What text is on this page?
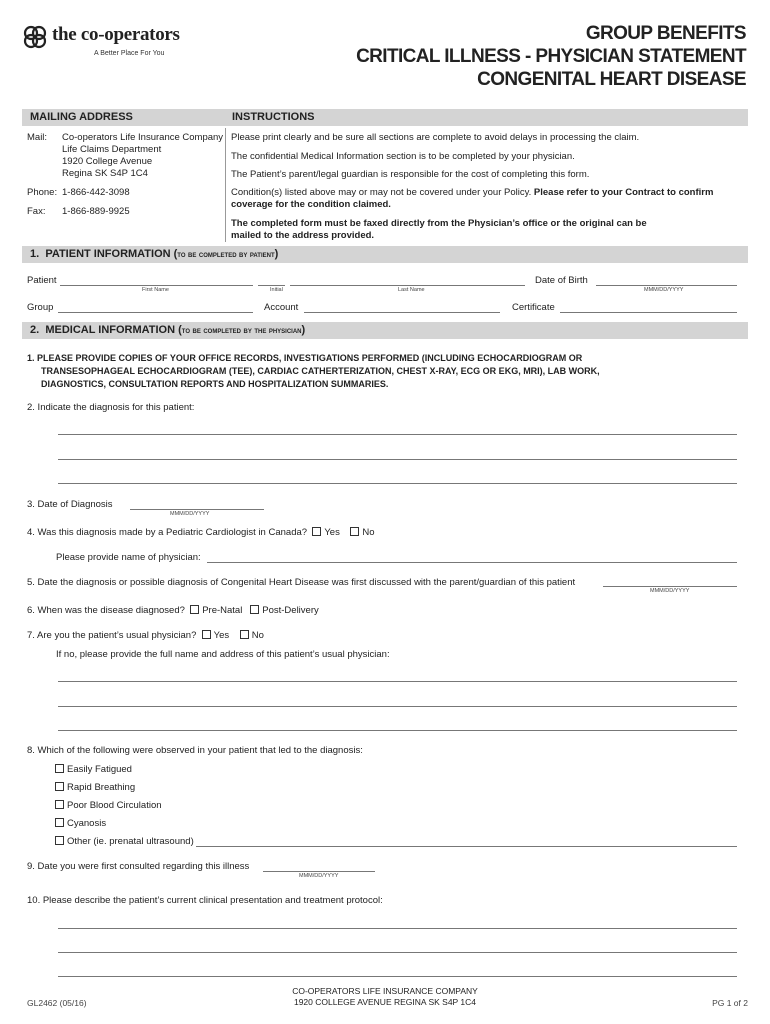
the co-operators
A Better Place For You
GROUP BENEFITS
CRITICAL ILLNESS - PHYSICIAN STATEMENT
CONGENITAL HEART DISEASE
MAILING ADDRESS	INSTRUCTIONS
Mail: Co-operators Life Insurance Company
Life Claims Department
1920 College Avenue
Regina SK S4P 1C4
Phone: 1-866-442-3098
Fax: 1-866-889-9925
Please print clearly and be sure all sections are complete to avoid delays in processing the claim.
The confidential Medical Information section is to be completed by your physician.
The Patient’s parent/legal guardian is responsible for the cost of completing this form.
Condition(s) listed above may or may not be covered under your Policy. Please refer to your Contract to confirm
coverage for the condition claimed.
The completed form must be faxed directly from the Physician’s office or the original can be
mailed to the address provided.
1. PATIENT INFORMATION (to be completed by patient)
Patient	Date of Birth
First Name	Initial	Last Name	MMM/DD/YYYY
Group	Account	Certificate
2. MEDICAL INFORMATION (to be completed by the physician)
1. PLEASE PROVIDE COPIES OF YOUR OFFICE RECORDS, INVESTIGATIONS PERFORMED (INCLUDING ECHOCARDIOGRAM OR
TRANSESOPHAGEAL ECHOCARDIOGRAM (TEE), CARDIAC CATHERTERIZATION, CHEST X-RAY, ECG OR EKG, MRI), LAB WORK,
DIAGNOSTICS, CONSULTATION REPORTS AND HOSPITALIZATION SUMMARIES.
2. Indicate the diagnosis for this patient:
3. Date of Diagnosis
MMM/DD/YYYY
4. Was this diagnosis made by a Pediatric Cardiologist in Canada? Yes No
Please provide name of physician:
5. Date the diagnosis or possible diagnosis of Congenital Heart Disease was first discussed with the parent/guardian of this patient
MMM/DD/YYYY
6. When was the disease diagnosed? Pre-Natal Post-Delivery
7. Are you the patient’s usual physician? Yes No
If no, please provide the full name and address of this patient’s usual physician:
8. Which of the following were observed in your patient that led to the diagnosis:
Easily Fatigued
Rapid Breathing
Poor Blood Circulation
Cyanosis
Other (ie. prenatal ultrasound)
9. Date you were first consulted regarding this illness
MMM/DD/YYYY
10. Please describe the patient’s current clinical presentation and treatment protocol:
GL2462 (05/16)
CO-OPERATORS LIFE INSURANCE COMPANY
1920 COLLEGE AVENUE REGINA SK S4P 1C4	PG 1 of 2
